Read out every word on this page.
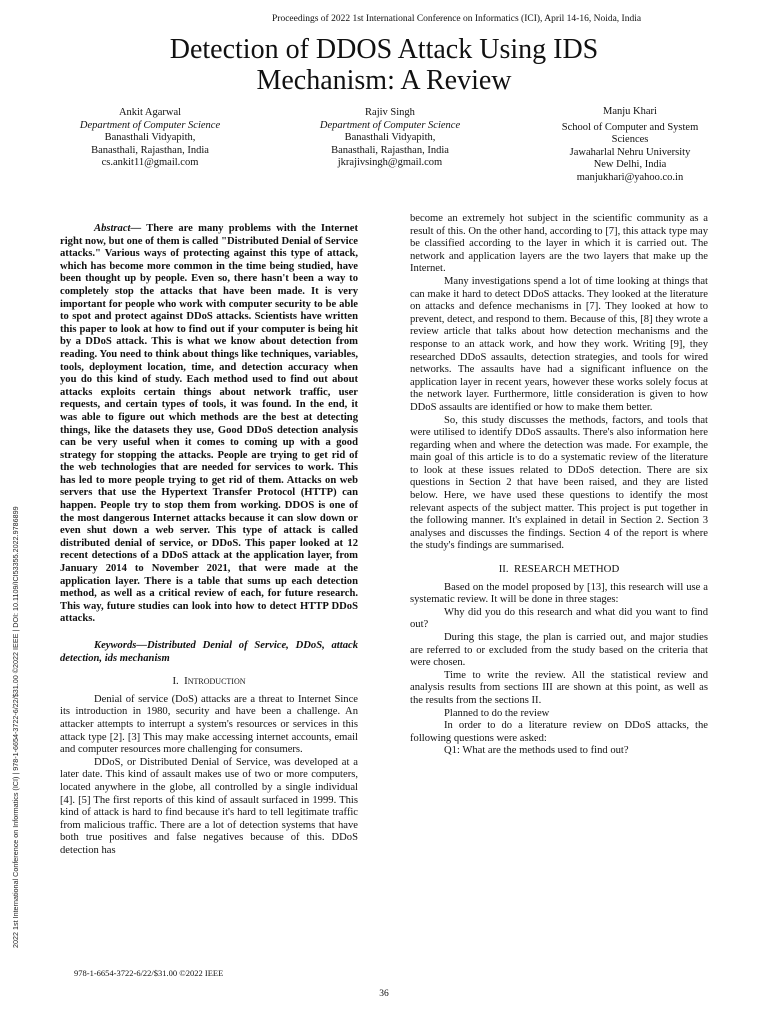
Proceedings of 2022 1st International Conference on Informatics (ICI), April 14-16, Noida, India
Detection of DDOS Attack Using IDS
Mechanism: A Review
Ankit Agarwal
Department of Computer Science
Banasthali Vidyapith,
Banasthali, Rajasthan, India
cs.ankit11@gmail.com
Rajiv Singh
Department of Computer Science
Banasthali Vidyapith,
Banasthali, Rajasthan, India
jkrajivsingh@gmail.com
Manju Khari
School of Computer and System
Sciences
Jawaharlal Nehru University
New Delhi, India
manjukhari@yahoo.co.in

Abstract— There are many problems with the Internet right now, but one of them is called "Distributed Denial of Service attacks." Various ways of protecting against this type of attack, which has become more common in the time being studied, have been thought up by people. Even so, there hasn't been a way to completely stop the attacks that have been made. It is very important for people who work with computer security to be able to spot and protect against DDoS attacks. Scientists have written this paper to look at how to find out if your computer is being hit by a DDoS attack. This is what we know about detection from reading. You need to think about things like techniques, variables, tools, deployment location, time, and detection accuracy when you do this kind of study. Each method used to find out about attacks exploits certain things about network traffic, user requests, and certain types of tools, it was found. In the end, it was able to figure out which methods are the best at detecting things, like the datasets they use, Good DDoS detection analysis can be very useful when it comes to coming up with a good strategy for stopping the attacks. People are trying to get rid of the web technologies that are needed for services to work. This has led to more people trying to get rid of them. Attacks on web servers that use the Hypertext Transfer Protocol (HTTP) can happen. People try to stop them from working. DDOS is one of the most dangerous Internet attacks because it can slow down or even shut down a web server. This type of attack is called distributed denial of service, or DDoS. This paper looked at 12 recent detections of a DDoS attack at the application layer, from January 2014 to November 2021, that were made at the application layer. There is a table that sums up each detection method, as well as a critical review of each, for future research. This way, future studies can look into how to detect HTTP DDoS attacks.

Keywords—Distributed Denial of Service, DDoS, attack detection, ids mechanism

I. Introduction

Denial of service (DoS) attacks are a threat to Internet Since its introduction in 1980, security and have been a challenge. An attacker attempts to interrupt a system's resources or services in this attack type [2]. [3] This may make accessing internet accounts, email and computer resources more challenging for consumers.

DDoS, or Distributed Denial of Service, was developed at a later date. This kind of assault makes use of two or more computers, located anywhere in the globe, all controlled by a single individual [4]. [5] The first reports of this kind of assault surfaced in 1999. This kind of attack is hard to find because it's hard to tell legitimate traffic from malicious traffic. There are a lot of detection systems that have both true positives and false negatives because of this. DDoS detection has

become an extremely hot subject in the scientific community as a result of this. On the other hand, according to [7], this attack type may be classified according to the layer in which it is carried out. The network and application layers are the two layers that make up the Internet.

Many investigations spend a lot of time looking at things that can make it hard to detect DDoS attacks. They looked at the literature on attacks and defence mechanisms in [7]. They looked at how to prevent, detect, and respond to them. Because of this, [8] they wrote a review article that talks about how detection mechanisms and the response to an attack work, and how they work. Writing [9], they researched DDoS assaults, detection strategies, and tools for wired networks. The assaults have had a significant influence on the application layer in recent years, however these works solely focus at the network layer. Furthermore, little consideration is given to how DDoS assaults are identified or how to make them better.

So, this study discusses the methods, factors, and tools that were utilised to identify DDoS assaults. There's also information here regarding when and where the detection was made. For example, the main goal of this article is to do a systematic review of the literature to look at these issues related to DDoS detection. There are six questions in Section 2 that have been raised, and they are listed below. Here, we have used these questions to identify the most relevant aspects of the subject matter. This project is put together in the following manner. It's explained in detail in Section 2. Section 3 analyses and discusses the findings. Section 4 of the report is where the study's findings are summarised.

II. RESEARCH METHOD

Based on the model proposed by [13], this research will use a systematic review. It will be done in three stages:

Why did you do this research and what did you want to find out?

During this stage, the plan is carried out, and major studies are referred to or excluded from the study based on the criteria that were chosen.

Time to write the review. All the statistical review and analysis results from sections III are shown at this point, as well as the results from the sections II.

Planned to do the review

In order to do a literature review on DDoS attacks, the following questions were asked:

Q1: What are the methods used to find out?

2022 1st International Conference on Informatics (ICI) | 978-1-6654-3722-6/22/$31.00 ©2022 IEEE | DOI: 10.1109/ICI53355.2022.9786899
978-1-6654-3722-6/22/$31.00 ©2022 IEEE
36
